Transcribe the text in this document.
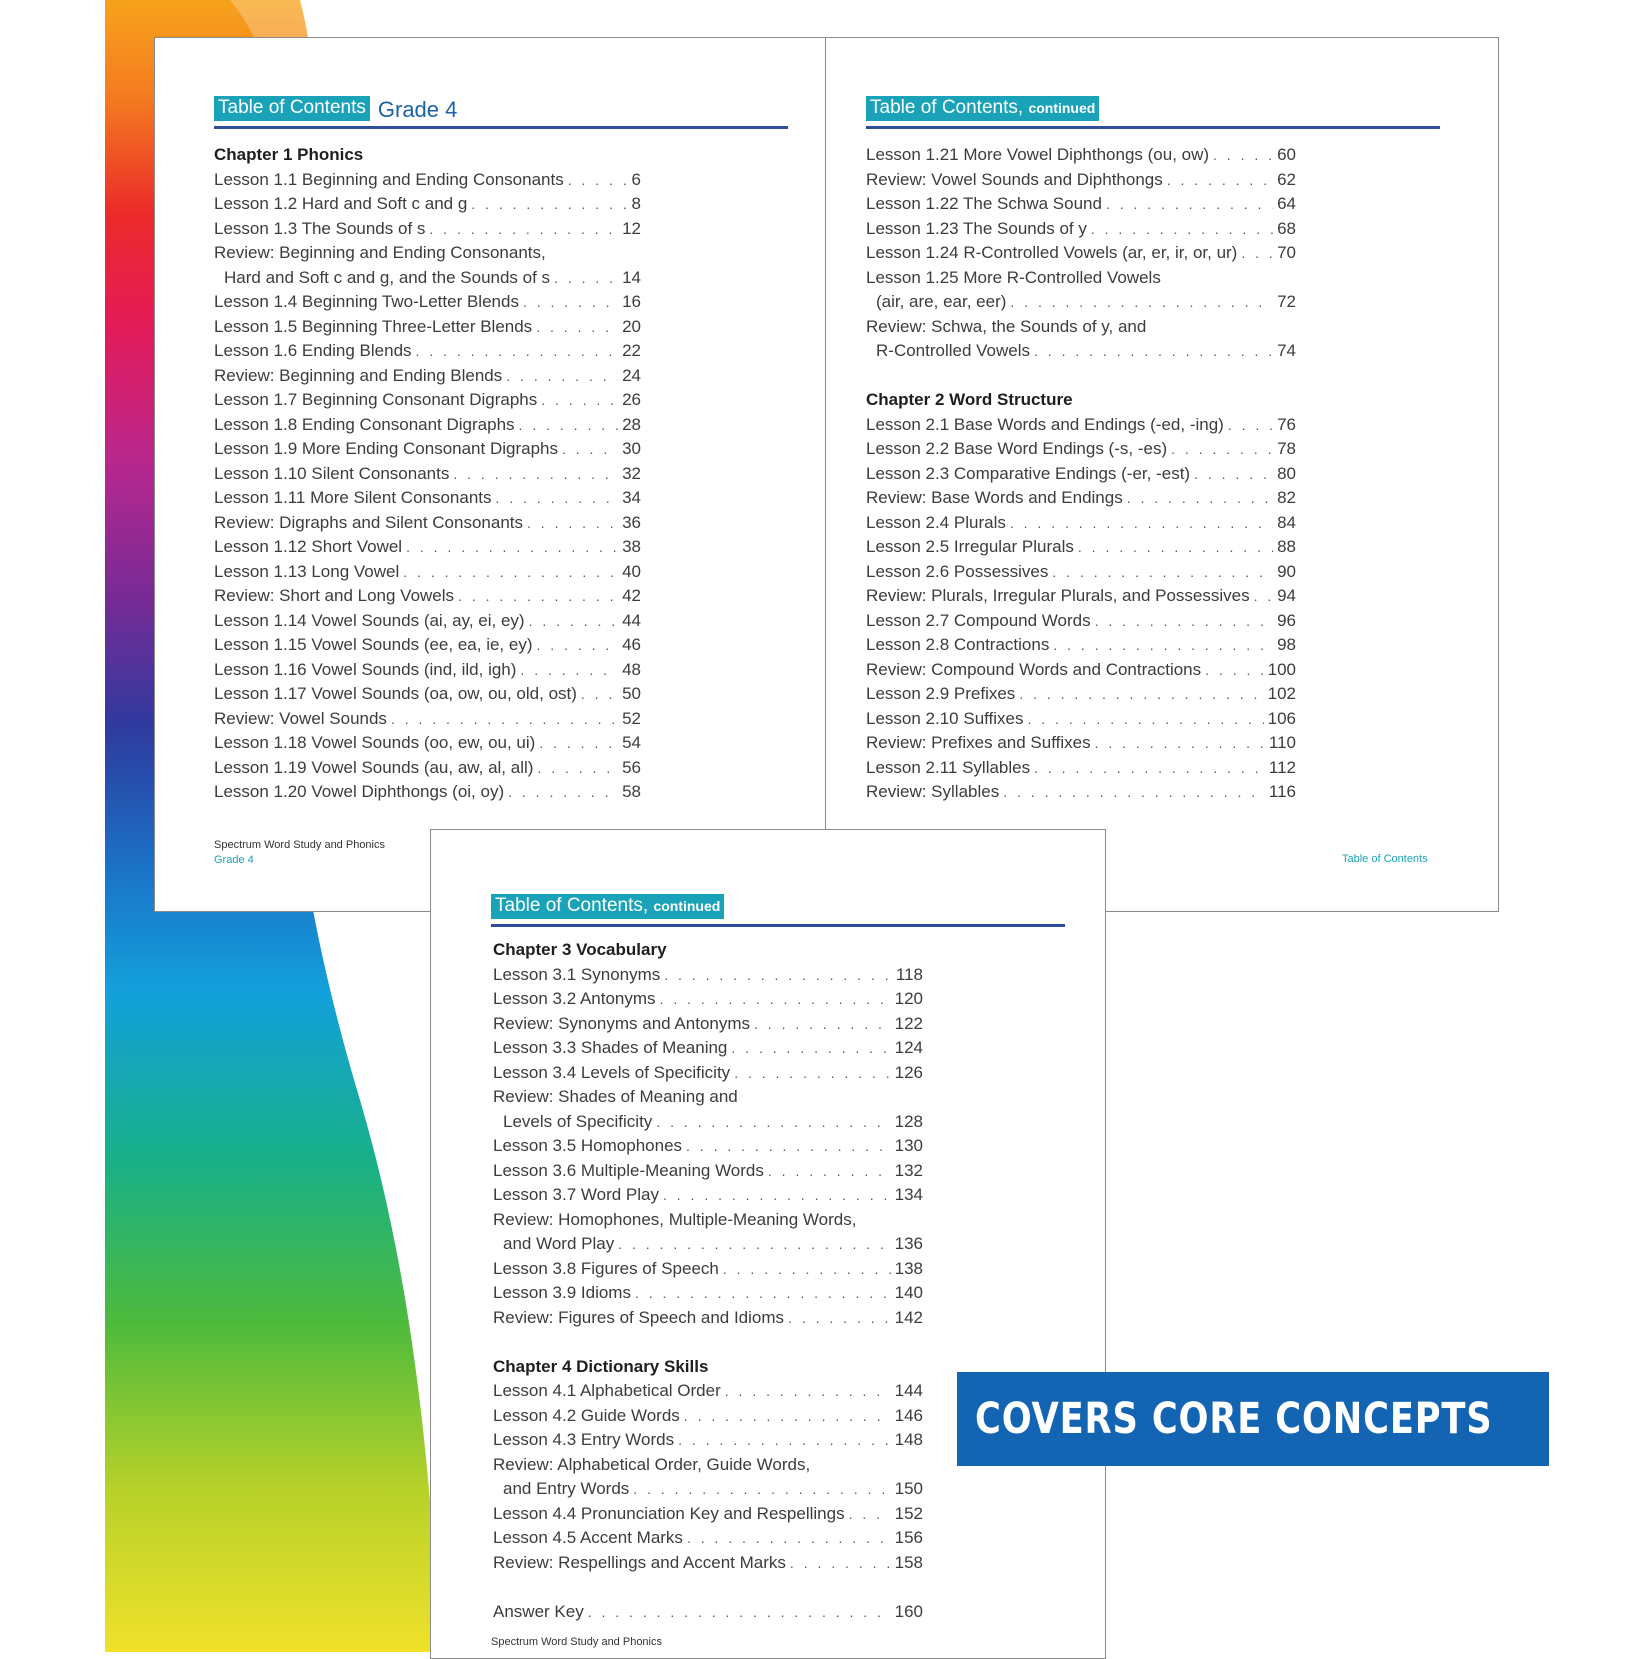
Table of Contents Grade 4
Chapter 1 Phonics
Lesson 1.1 Beginning and Ending Consonants . . .	6
Lesson 1.2 Hard and Soft c and g . . .	8
Lesson 1.3 The Sounds of s . . .	12
Review: Beginning and Ending Consonants,
Hard and Soft c and g, and the Sounds of s . . .	14
Lesson 1.4 Beginning Two-Letter Blends . . .	16
Lesson 1.5 Beginning Three-Letter Blends . . .	20
Lesson 1.6 Ending Blends . . .	22
Review: Beginning and Ending Blends . . .	24
Lesson 1.7 Beginning Consonant Digraphs . . .	26
Lesson 1.8 Ending Consonant Digraphs . . .	28
Lesson 1.9 More Ending Consonant Digraphs . . .	30
Lesson 1.10 Silent Consonants . . .	32
Lesson 1.11 More Silent Consonants . . .	34
Review: Digraphs and Silent Consonants . . .	36
Lesson 1.12 Short Vowel . . .	38
Lesson 1.13 Long Vowel . . .	40
Review: Short and Long Vowels . . .	42
Lesson 1.14 Vowel Sounds (ai, ay, ei, ey) . . .	44
Lesson 1.15 Vowel Sounds (ee, ea, ie, ey) . . .	46
Lesson 1.16 Vowel Sounds (ind, ild, igh) . . .	48
Lesson 1.17 Vowel Sounds (oa, ow, ou, old, ost) . . .	50
Review: Vowel Sounds . . .	52
Lesson 1.18 Vowel Sounds (oo, ew, ou, ui) . . .	54
Lesson 1.19 Vowel Sounds (au, aw, al, all) . . .	56
Lesson 1.20 Vowel Diphthongs (oi, oy) . . .	58
Spectrum Word Study and Phonics
Grade 4
Table of Contents, continued
Lesson 1.21 More Vowel Diphthongs (ou, ow) . . .	60
Review: Vowel Sounds and Diphthongs . . .	62
Lesson 1.22 The Schwa Sound . . .	64
Lesson 1.23 The Sounds of y . . .	68
Lesson 1.24 R-Controlled Vowels (ar, er, ir, or, ur) . . . 70
Lesson 1.25 More R-Controlled Vowels
(air, are, ear, eer) . . .	72
Review: Schwa, the Sounds of y, and
R-Controlled Vowels . . .	74
Chapter 2 Word Structure
Lesson 2.1 Base Words and Endings (-ed, -ing) . . .	76
Lesson 2.2 Base Word Endings (-s, -es) . . .	78
Lesson 2.3 Comparative Endings (-er, -est) . . .	80
Review: Base Words and Endings . . .	82
Lesson 2.4 Plurals . . .	84
Lesson 2.5 Irregular Plurals . . .	88
Lesson 2.6 Possessives . . .	90
Review: Plurals, Irregular Plurals, and Possessives . . . 94
Lesson 2.7 Compound Words . . .	96
Lesson 2.8 Contractions . . .	98
Review: Compound Words and Contractions . . .	100
Lesson 2.9 Prefixes . . .	102
Lesson 2.10 Suffixes . . .	106
Review: Prefixes and Suffixes . . .	110
Lesson 2.11 Syllables . . .	112
Review: Syllables . . .	116
Table of Contents
Table of Contents, continued
Chapter 3 Vocabulary
Lesson 3.1 Synonyms . . .	118
Lesson 3.2 Antonyms . . .	120
Review: Synonyms and Antonyms . . .	122
Lesson 3.3 Shades of Meaning . . .	124
Lesson 3.4 Levels of Specificity . . .	126
Review: Shades of Meaning and
Levels of Specificity . . .	128
Lesson 3.5 Homophones . . .	130
Lesson 3.6 Multiple-Meaning Words . . .	132
Lesson 3.7 Word Play . . .	134
Review: Homophones, Multiple-Meaning Words,
and Word Play . . .	136
Lesson 3.8 Figures of Speech . . .	138
Lesson 3.9 Idioms . . .	140
Review: Figures of Speech and Idioms . . .	142
Chapter 4 Dictionary Skills
Lesson 4.1 Alphabetical Order . . .	144
Lesson 4.2 Guide Words . . .	146
Lesson 4.3 Entry Words . . .	148
Review: Alphabetical Order, Guide Words,
and Entry Words . . .	150
Lesson 4.4 Pronunciation Key and Respellings . . .	152
Lesson 4.5 Accent Marks . . .	156
Review: Respellings and Accent Marks . . .	158
Answer Key . . .	160
Spectrum Word Study and Phonics
COVERS CORE CONCEPTS
